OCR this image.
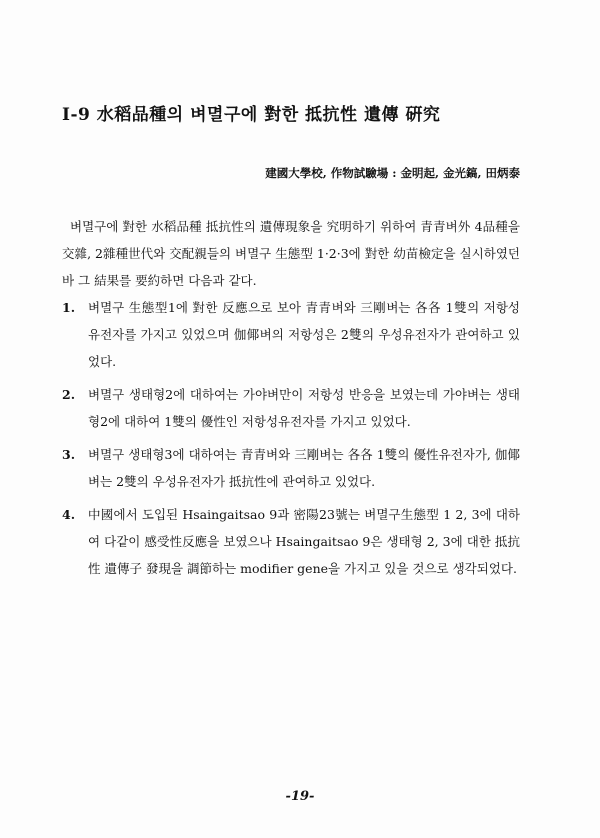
I-9 水稻品種의 벼멸구에 對한 抵抗性 遺傳 硏究
建國大學校, 作物試驗場 : 金明起, 金光鎬, 田炳泰

벼멸구에 對한 水稻品種 抵抗性의 遺傳現象을 究明하기 위하여 青青벼外 4品種을 交雜, 2雜種世代와 交配親들의 벼멸구 生態型 1·2·3에 對한 幼苗檢定을 실시하였던바 그 結果를 要約하면 다음과 같다.

1.	벼멸구 生態型1에 對한 反應으로 보아 青青벼와 三剛벼는 各各 1雙의 저항성 유전자를 가지고 있었으며 伽倻벼의 저항성은 2雙의 우성유전자가 관여하고 있었다.
2.	벼멸구 생태형2에 대하여는 가야벼만이 저항성 반응을 보였는데 가야벼는 생태형2에 대하여 1雙의 優性인 저항성유전자를 가지고 있었다.
3.	벼멸구 생태형3에 대하여는 青青벼와 三剛벼는 各各 1雙의 優性유전자가, 伽倻벼는 2雙의 우성유전자가 抵抗性에 관여하고 있었다.
4.	中國에서 도입된 Hsaingaitsao 9과 密陽23號는 벼멸구生態型 1 2, 3에 대하여 다같이 感受性反應을 보였으나 Hsaingaitsao 9은 생태형 2, 3에 대한 抵抗性 遺傳子 發現을 調節하는 modifier gene을 가지고 있을 것으로 생각되었다.
-19-
